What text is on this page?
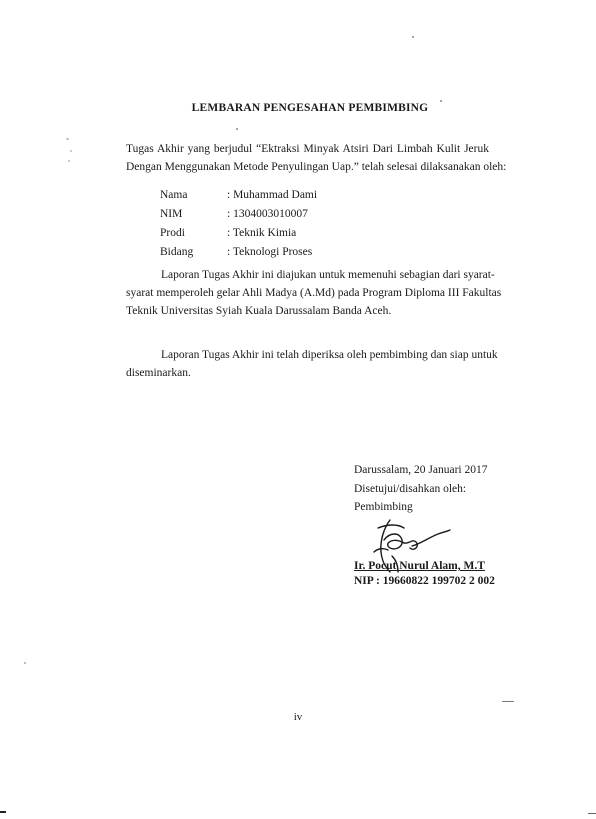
LEMBARAN PENGESAHAN PEMBIMBING
Tugas Akhir yang berjudul “Ektraksi Minyak Atsiri Dari Limbah Kulit Jeruk
Dengan Menggunakan Metode Penyulingan Uap.” telah selesai dilaksanakan oleh:
Nama	: Muhammad Dami
NIM	: 1304003010007
Prodi	: Teknik Kimia
Bidang	: Teknologi Proses
Laporan Tugas Akhir ini diajukan untuk memenuhi sebagian dari syarat-
syarat memperoleh gelar Ahli Madya (A.Md) pada Program Diploma III Fakultas
Teknik Universitas Syiah Kuala Darussalam Banda Aceh.
Laporan Tugas Akhir ini telah diperiksa oleh pembimbing dan siap untuk
diseminarkan.
Darussalam, 20 Januari 2017
Disetujui/disahkan oleh:
Pembimbing
Ir. Pocut Nurul Alam, M.T
NIP : 19660822 199702 2 002
iv
